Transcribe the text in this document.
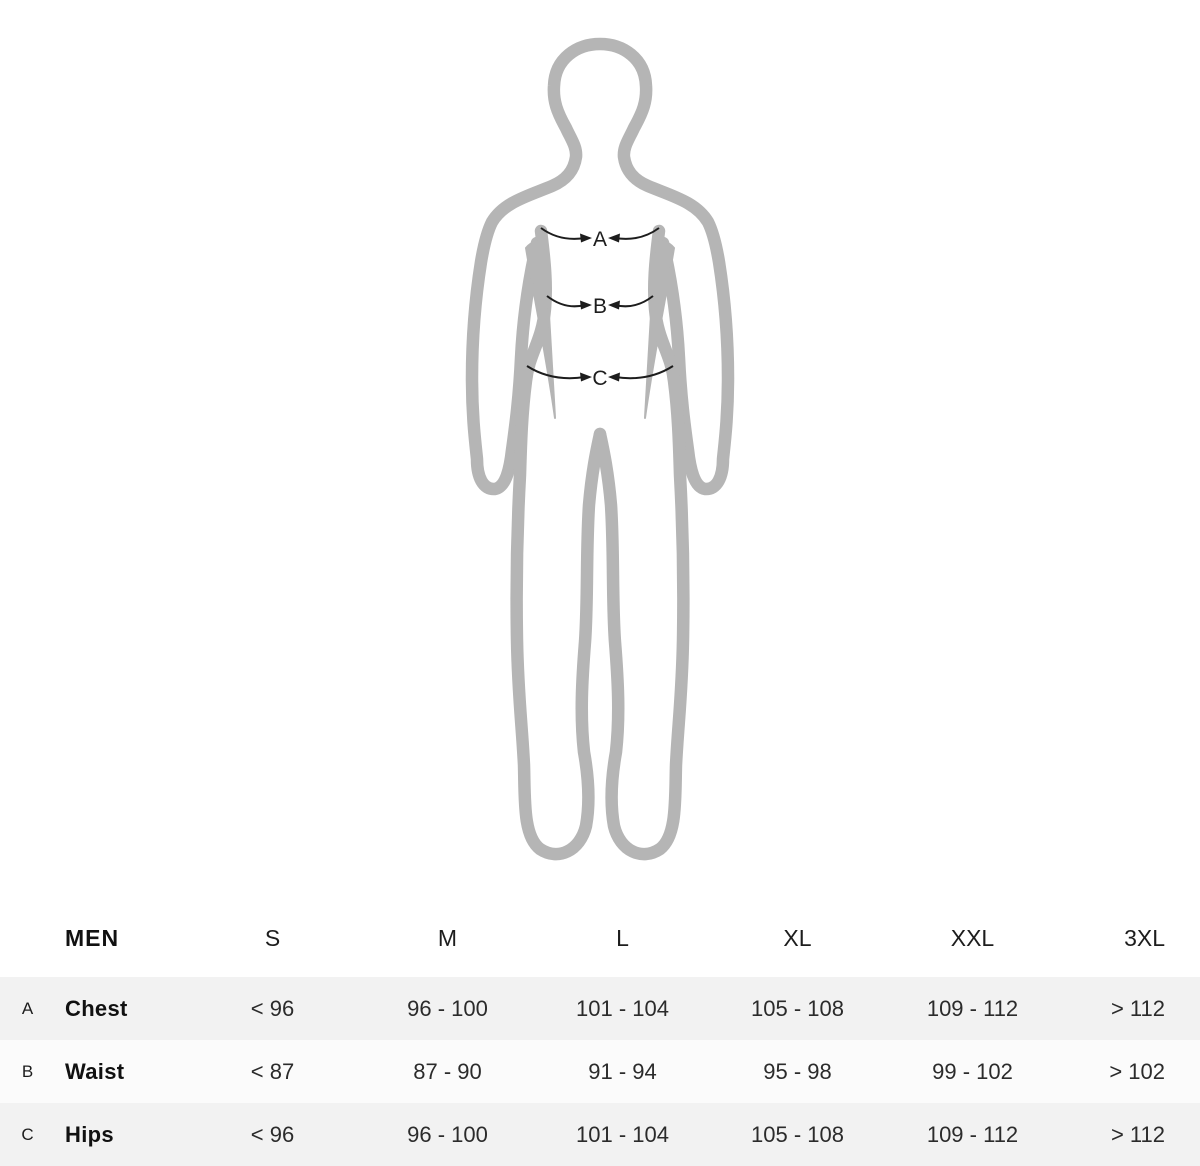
A
B
C
MEN	S	M	L	XL	XXL	3XL
A	Chest	< 96	96 - 100	101 - 104	105 - 108	109 - 112	> 112
B	Waist	< 87	87 - 90	91 - 94	95 - 98	99 - 102	> 102
C	Hips	< 96	96 - 100	101 - 104	105 - 108	109 - 112	> 112
